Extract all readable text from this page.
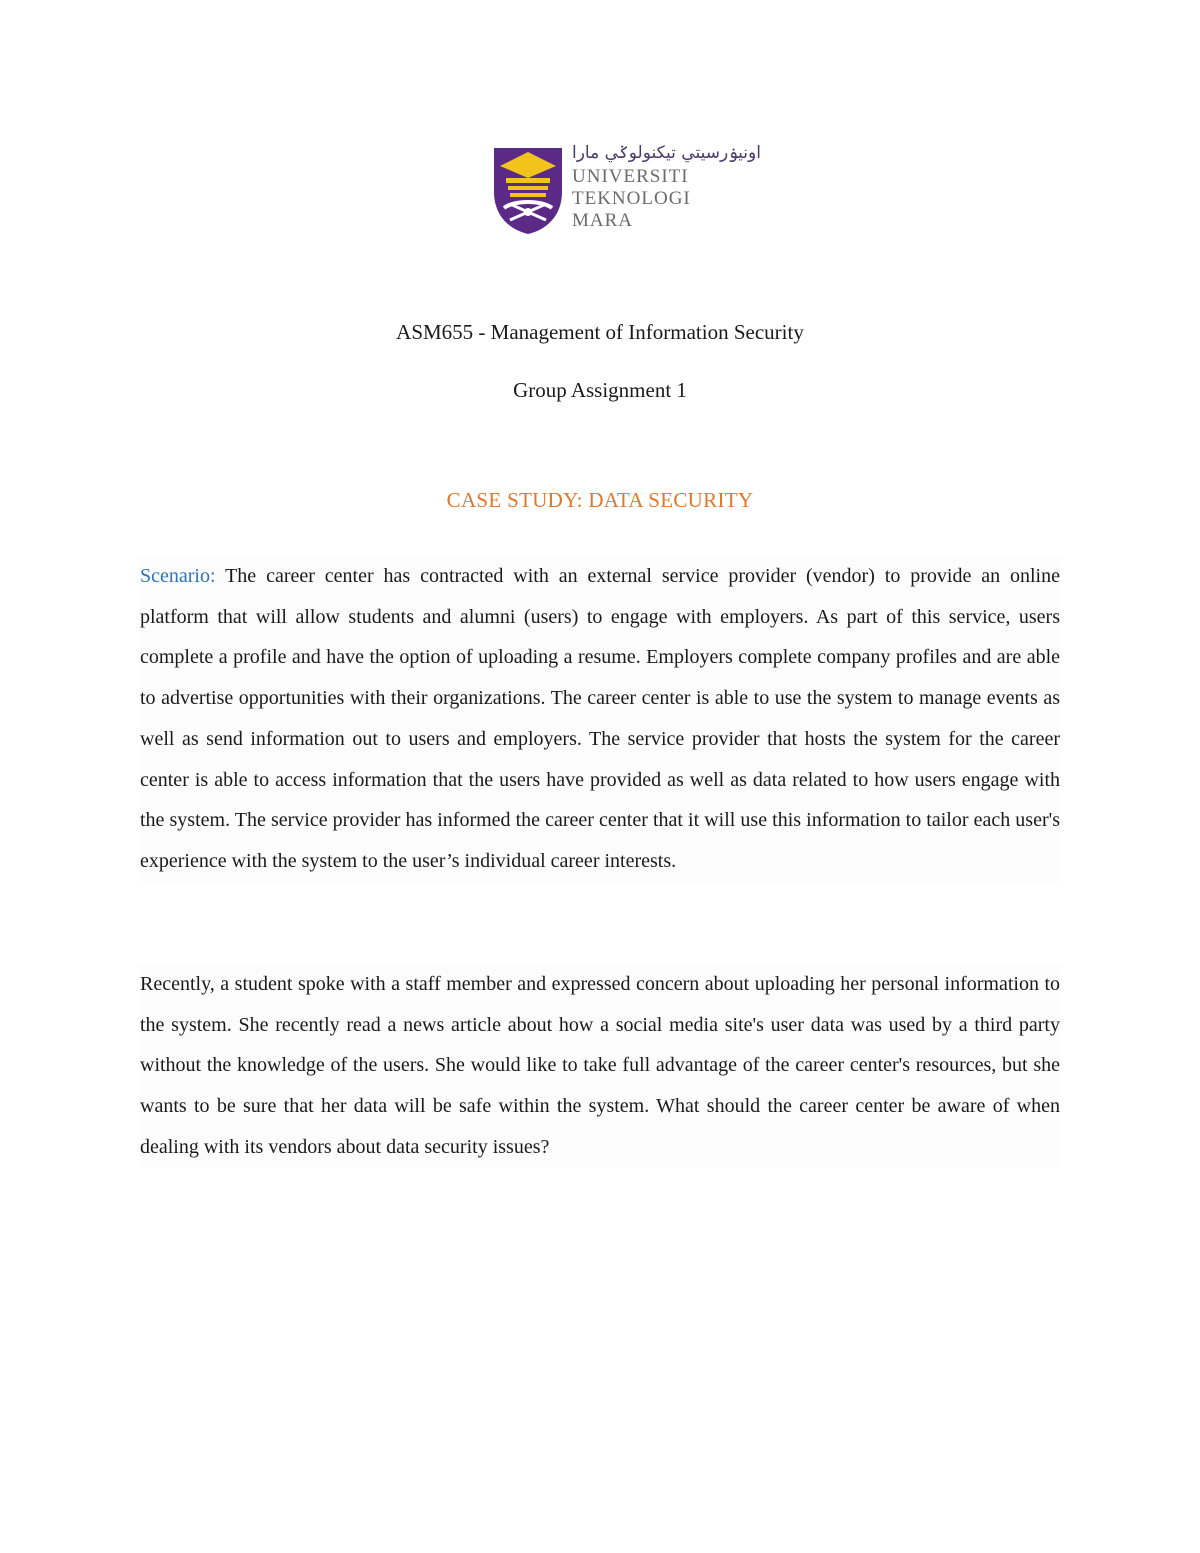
اونيۏرسيتي تيكنولوݢي مارا
UNIVERSITI
TEKNOLOGI
MARA
ASM655 - Management of Information Security
Group Assignment 1
CASE STUDY: DATA SECURITY
Scenario: The career center has contracted with an external service provider (vendor) to provide an online platform that will allow students and alumni (users) to engage with employers. As part of this service, users complete a profile and have the option of uploading a resume. Employers complete company profiles and are able to advertise opportunities with their organizations. The career center is able to use the system to manage events as well as send information out to users and employers. The service provider that hosts the system for the career center is able to access information that the users have provided as well as data related to how users engage with the system. The service provider has informed the career center that it will use this information to tailor each user's experience with the system to the user’s individual career interests.
Recently, a student spoke with a staff member and expressed concern about uploading her personal information to the system. She recently read a news article about how a social media site's user data was used by a third party without the knowledge of the users. She would like to take full advantage of the career center's resources, but she wants to be sure that her data will be safe within the system. What should the career center be aware of when dealing with its vendors about data security issues?
